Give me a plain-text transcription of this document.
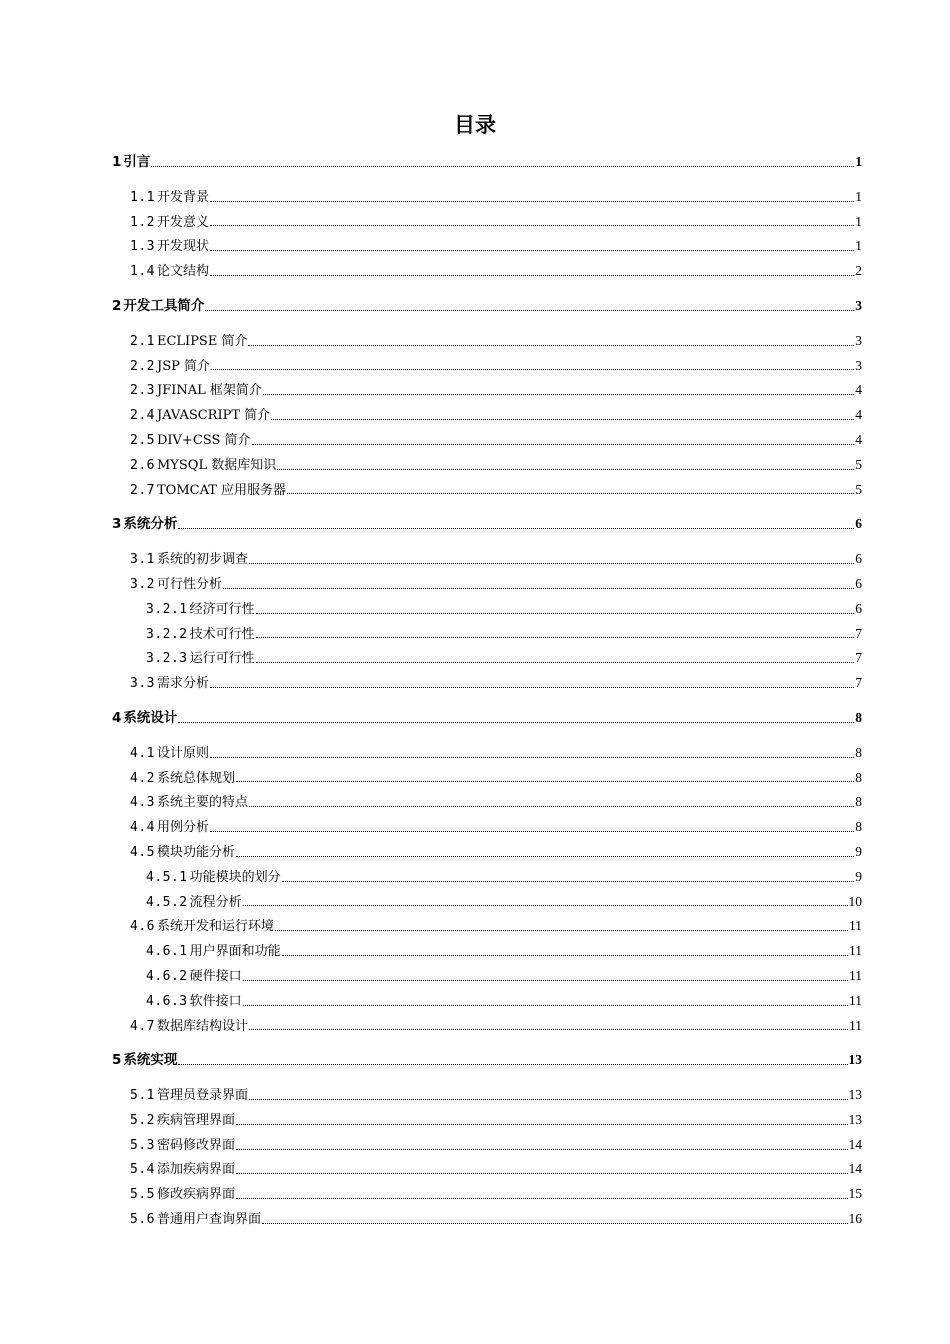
目录
1 引言	1
1.1 开发背景	1
1.2 开发意义	1
1.3 开发现状	1
1.4 论文结构	2
2 开发工具简介	3
2.1 ECLIPSE 简介	3
2.2 JSP 简介	3
2.3 JFINAL 框架简介	4
2.4 JAVASCRIPT 简介	4
2.5 DIV+CSS 简介	4
2.6 MYSQL 数据库知识	5
2.7 TOMCAT 应用服务器	5
3 系统分析	6
3.1 系统的初步调查	6
3.2 可行性分析	6
3.2.1 经济可行性	6
3.2.2 技术可行性	7
3.2.3 运行可行性	7
3.3 需求分析	7
4 系统设计	8
4.1 设计原则	8
4.2 系统总体规划	8
4.3 系统主要的特点	8
4.4 用例分析	8
4.5 模块功能分析	9
4.5.1 功能模块的划分	9
4.5.2 流程分析	10
4.6 系统开发和运行环境	11
4.6.1 用户界面和功能	11
4.6.2 硬件接口	11
4.6.3 软件接口	11
4.7 数据库结构设计	11
5 系统实现	13
5.1 管理员登录界面	13
5.2 疾病管理界面	13
5.3 密码修改界面	14
5.4 添加疾病界面	14
5.5 修改疾病界面	15
5.6 普通用户查询界面	16
